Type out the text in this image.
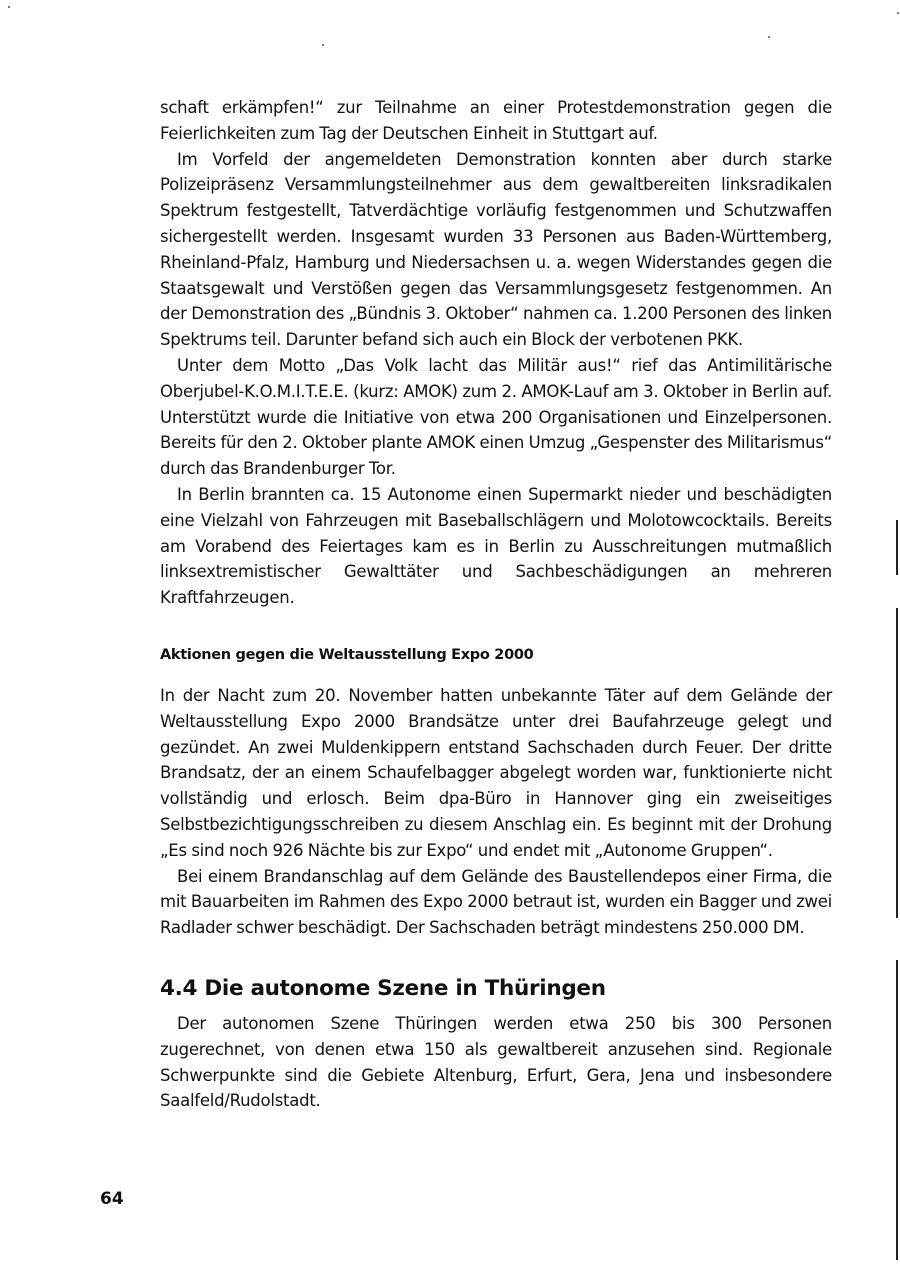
schaft erkämpfen!“ zur Teilnahme an einer Protestdemonstration gegen die Feierlichkeiten zum Tag der Deutschen Einheit in Stuttgart auf.

Im Vorfeld der angemeldeten Demonstration konnten aber durch starke Polizeipräsenz Versammlungsteilnehmer aus dem gewaltbereiten linksradikalen Spektrum festgestellt, Tatverdächtige vorläufig festgenommen und Schutzwaffen sichergestellt werden. Insgesamt wurden 33 Personen aus Baden-Württemberg, Rheinland-Pfalz, Hamburg und Niedersachsen u. a. wegen Widerstandes gegen die Staatsgewalt und Verstößen gegen das Versammlungsgesetz festgenommen. An der Demonstration des „Bündnis 3. Oktober“ nahmen ca. 1.200 Personen des linken Spektrums teil. Darunter befand sich auch ein Block der verbotenen PKK.

Unter dem Motto „Das Volk lacht das Militär aus!“ rief das Antimilitärische Oberjubel-K.O.M.I.T.E.E. (kurz: AMOK) zum 2. AMOK-Lauf am 3. Oktober in Berlin auf. Unterstützt wurde die Initiative von etwa 200 Organisationen und Einzelpersonen. Bereits für den 2. Oktober plante AMOK einen Umzug „Gespenster des Militarismus“ durch das Brandenburger Tor.

In Berlin brannten ca. 15 Autonome einen Supermarkt nieder und beschädigten eine Vielzahl von Fahrzeugen mit Baseballschlägern und Molotowcocktails. Bereits am Vorabend des Feiertages kam es in Berlin zu Ausschreitungen mutmaßlich linksextremistischer Gewalttäter und Sachbeschädigungen an mehreren Kraftfahrzeugen.

Aktionen gegen die Weltausstellung Expo 2000

In der Nacht zum 20. November hatten unbekannte Täter auf dem Gelände der Weltausstellung Expo 2000 Brandsätze unter drei Baufahrzeuge gelegt und gezündet. An zwei Muldenkippern entstand Sachschaden durch Feuer. Der dritte Brandsatz, der an einem Schaufelbagger abgelegt worden war, funktionierte nicht vollständig und erlosch. Beim dpa-Büro in Hannover ging ein zweiseitiges Selbstbezichtigungsschreiben zu diesem Anschlag ein. Es beginnt mit der Drohung „Es sind noch 926 Nächte bis zur Expo“ und endet mit „Autonome Gruppen“.

Bei einem Brandanschlag auf dem Gelände des Baustellendepos einer Firma, die mit Bauarbeiten im Rahmen des Expo 2000 betraut ist, wurden ein Bagger und zwei Radlader schwer beschädigt. Der Sachschaden beträgt mindestens 250.000 DM.

4.4 Die autonome Szene in Thüringen

Der autonomen Szene Thüringen werden etwa 250 bis 300 Personen zugerechnet, von denen etwa 150 als gewaltbereit anzusehen sind. Regionale Schwerpunkte sind die Gebiete Altenburg, Erfurt, Gera, Jena und insbesondere Saalfeld/Rudolstadt.

64
